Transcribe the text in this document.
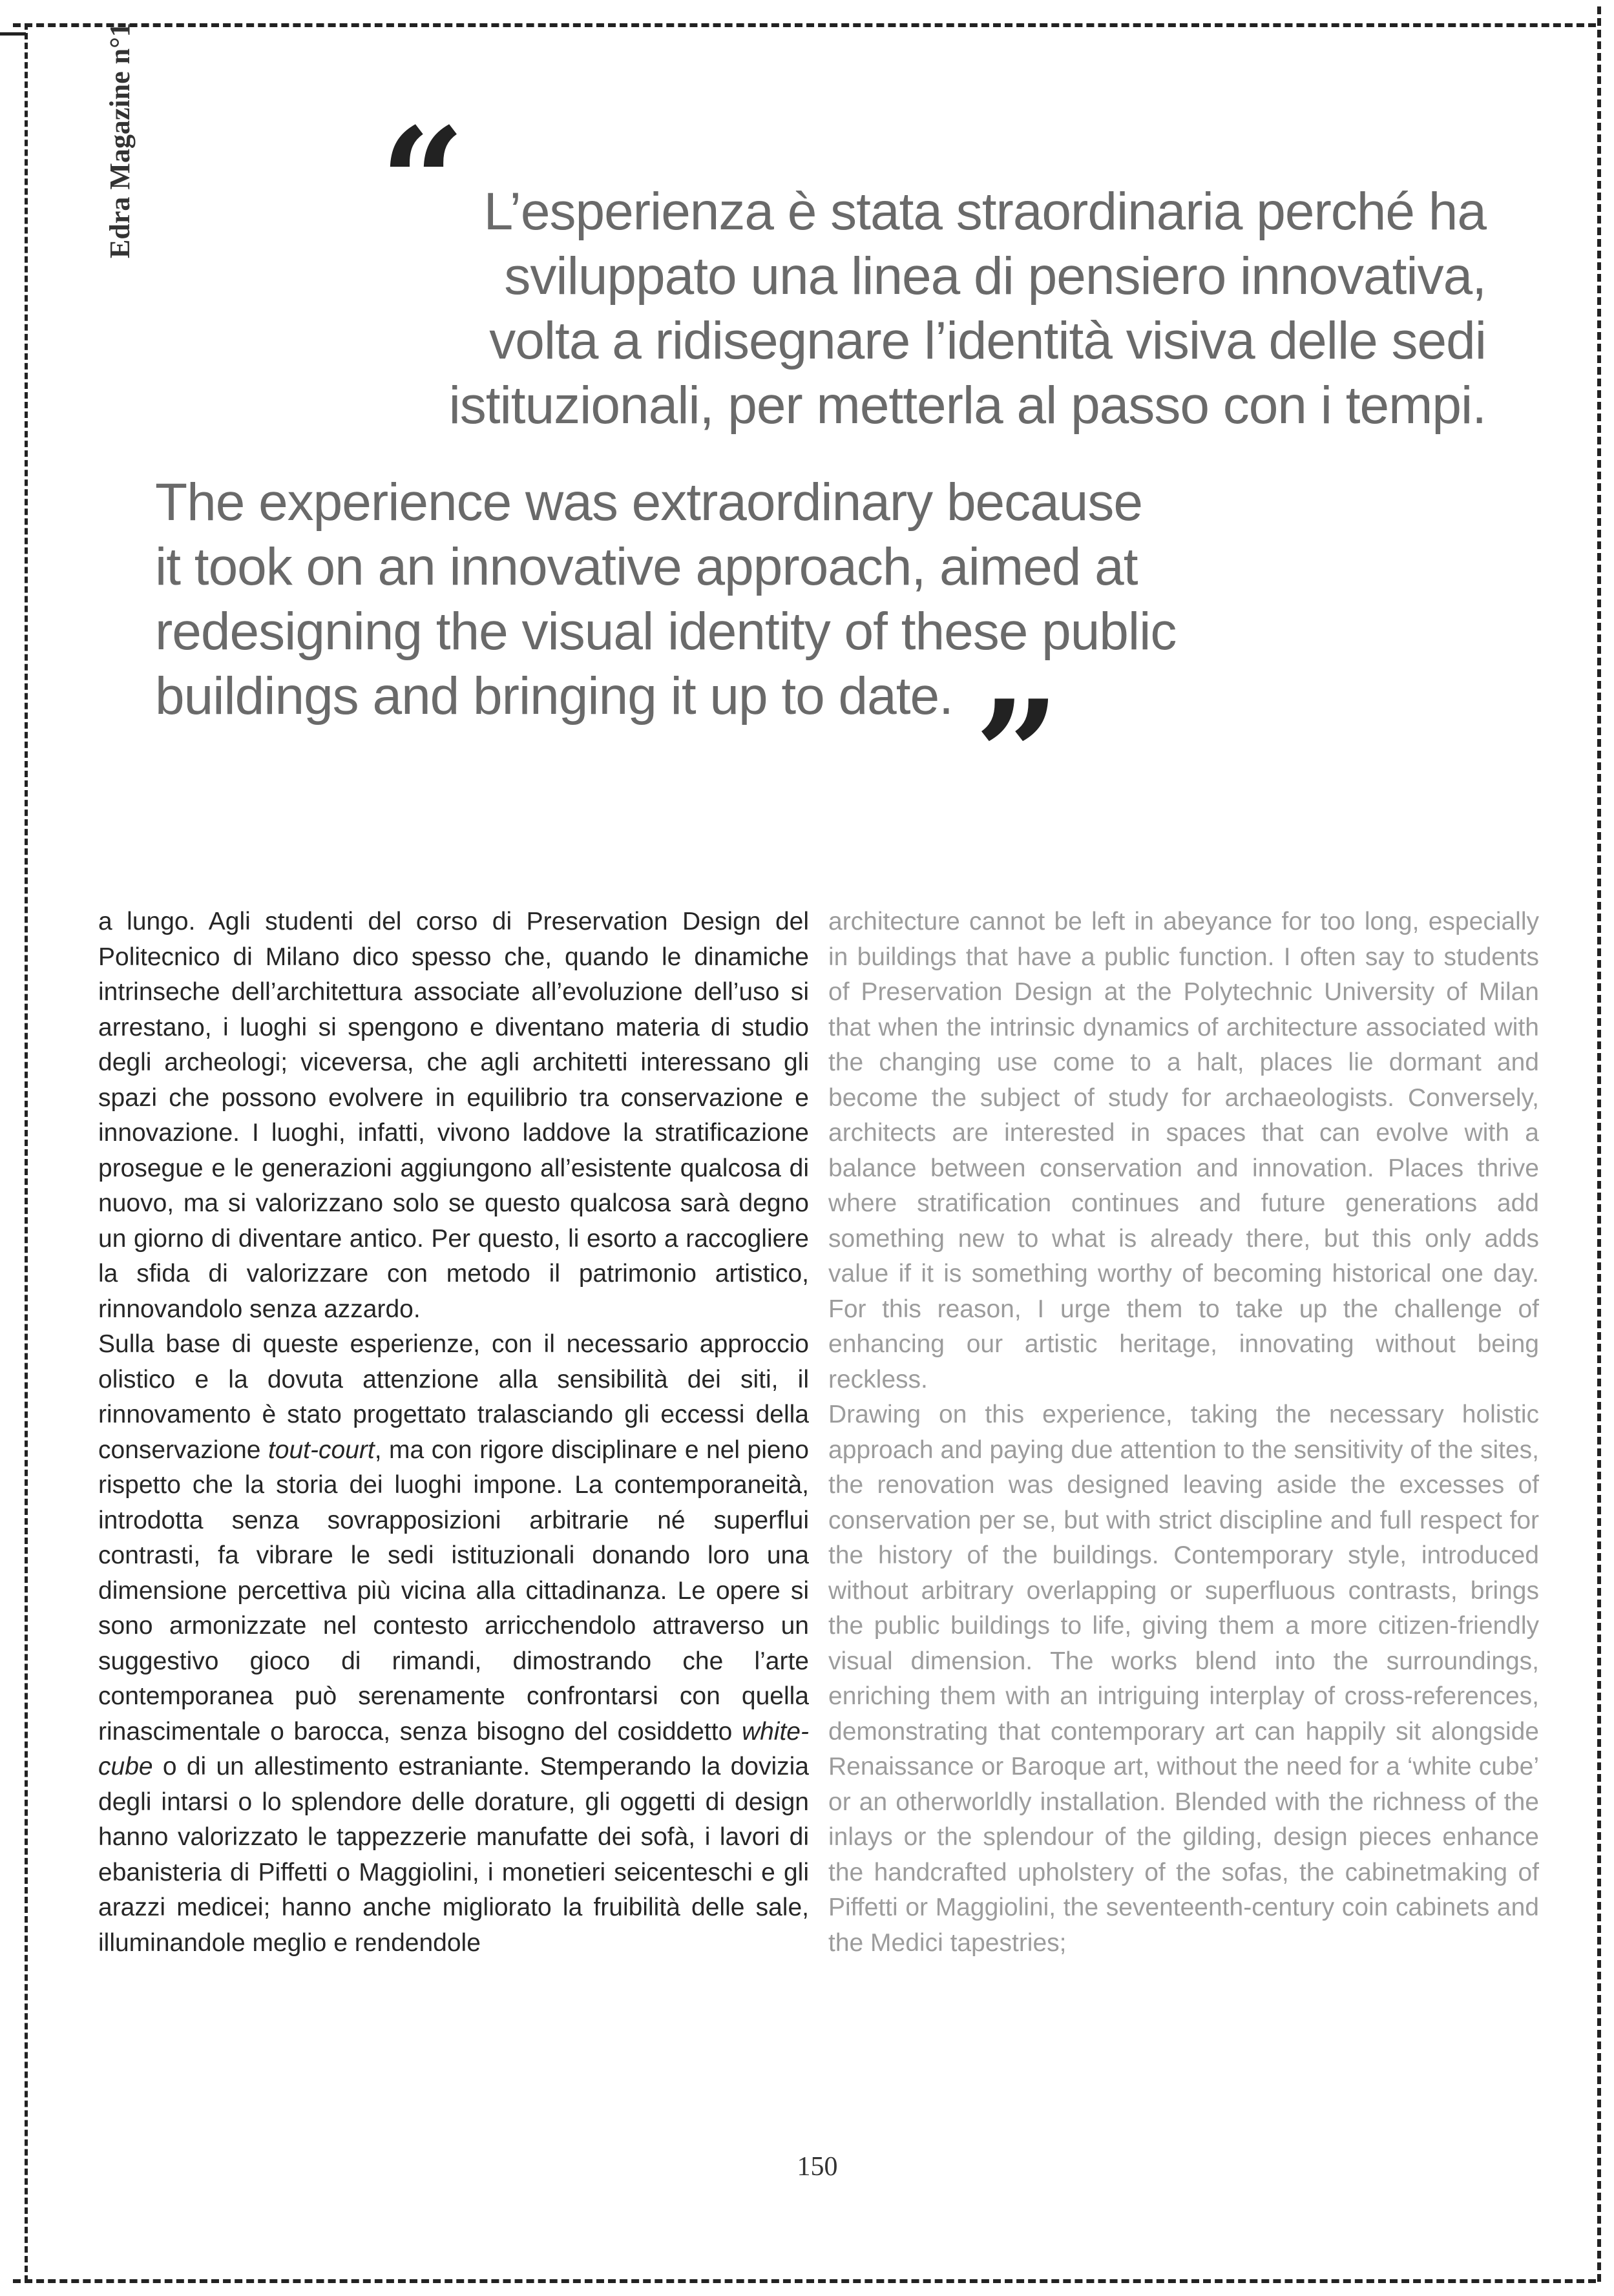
Edra Magazine n°1 “ L’esperienza è stata straordinaria perché ha
sviluppato una linea di pensiero innovativa,
volta a ridisegnare l’identità visiva delle sedi
istituzionali, per metterla al passo con i tempi.
The experience was extraordinary because
it took on an innovative approach, aimed at
redesigning the visual identity of these public
buildings and bringing it up to date. ”

a lungo. Agli studenti del corso di Preservation Design del Politecnico di Milano dico spesso che, quando le dinamiche intrinseche dell’architettura associate all’evoluzione dell’uso si arrestano, i luoghi si spengono e diventano materia di studio degli archeologi; viceversa, che agli architetti interessano gli spazi che possono evolvere in equilibrio tra conservazione e innovazione. I luoghi, infatti, vivono laddove la stratificazione prosegue e le generazioni aggiungono all’esistente qualcosa di nuovo, ma si valorizzano solo se questo qualcosa sarà degno un giorno di diventare antico. Per questo, li esorto a raccogliere la sfida di valorizzare con metodo il patrimonio artistico, rinnovandolo senza azzardo.

Sulla base di queste esperienze, con il necessario approccio olistico e la dovuta attenzione alla sensibilità dei siti, il rinnovamento è stato progettato tralasciando gli eccessi della conservazione tout-court, ma con rigore disciplinare e nel pieno rispetto che la storia dei luoghi impone. La contemporaneità, introdotta senza sovrapposizioni arbitrarie né superflui contrasti, fa vibrare le sedi istituzionali donando loro una dimensione percettiva più vicina alla cittadinanza. Le opere si sono armonizzate nel contesto arricchendolo attraverso un suggestivo gioco di rimandi, dimostrando che l’arte contemporanea può serenamente confrontarsi con quella rinascimentale o barocca, senza bisogno del cosiddetto white-cube o di un allestimento estraniante. Stemperando la dovizia degli intarsi o lo splendore delle dorature, gli oggetti di design hanno valorizzato le tappezzerie manufatte dei sofà, i lavori di ebanisteria di Piffetti o Maggiolini, i monetieri seicenteschi e gli arazzi medicei; hanno anche migliorato la fruibilità delle sale, illuminandole meglio e rendendole

architecture cannot be left in abeyance for too long, especially in buildings that have a public function. I often say to students of Preservation Design at the Polytechnic University of Milan that when the intrinsic dynamics of architecture associated with the changing use come to a halt, places lie dormant and become the subject of study for archaeologists. Conversely, architects are interested in spaces that can evolve with a balance between conservation and innovation. Places thrive where stratification continues and future generations add something new to what is already there, but this only adds value if it is something worthy of becoming historical one day. For this reason, I urge them to take up the challenge of enhancing our artistic heritage, innovating without being reckless.

Drawing on this experience, taking the necessary holistic approach and paying due attention to the sensitivity of the sites, the renovation was designed leaving aside the excesses of conservation per se, but with strict discipline and full respect for the history of the buildings. Contemporary style, introduced without arbitrary overlapping or superfluous contrasts, brings the public buildings to life, giving them a more citizen-friendly visual dimension. The works blend into the surroundings, enriching them with an intriguing interplay of cross-references, demonstrating that contemporary art can happily sit alongside Renaissance or Baroque art, without the need for a ‘white cube’ or an otherworldly installation. Blended with the richness of the inlays or the splendour of the gilding, design pieces enhance the handcrafted upholstery of the sofas, the cabinetmaking of Piffetti or Maggiolini, the seventeenth-century coin cabinets and the Medici tapestries;

150
